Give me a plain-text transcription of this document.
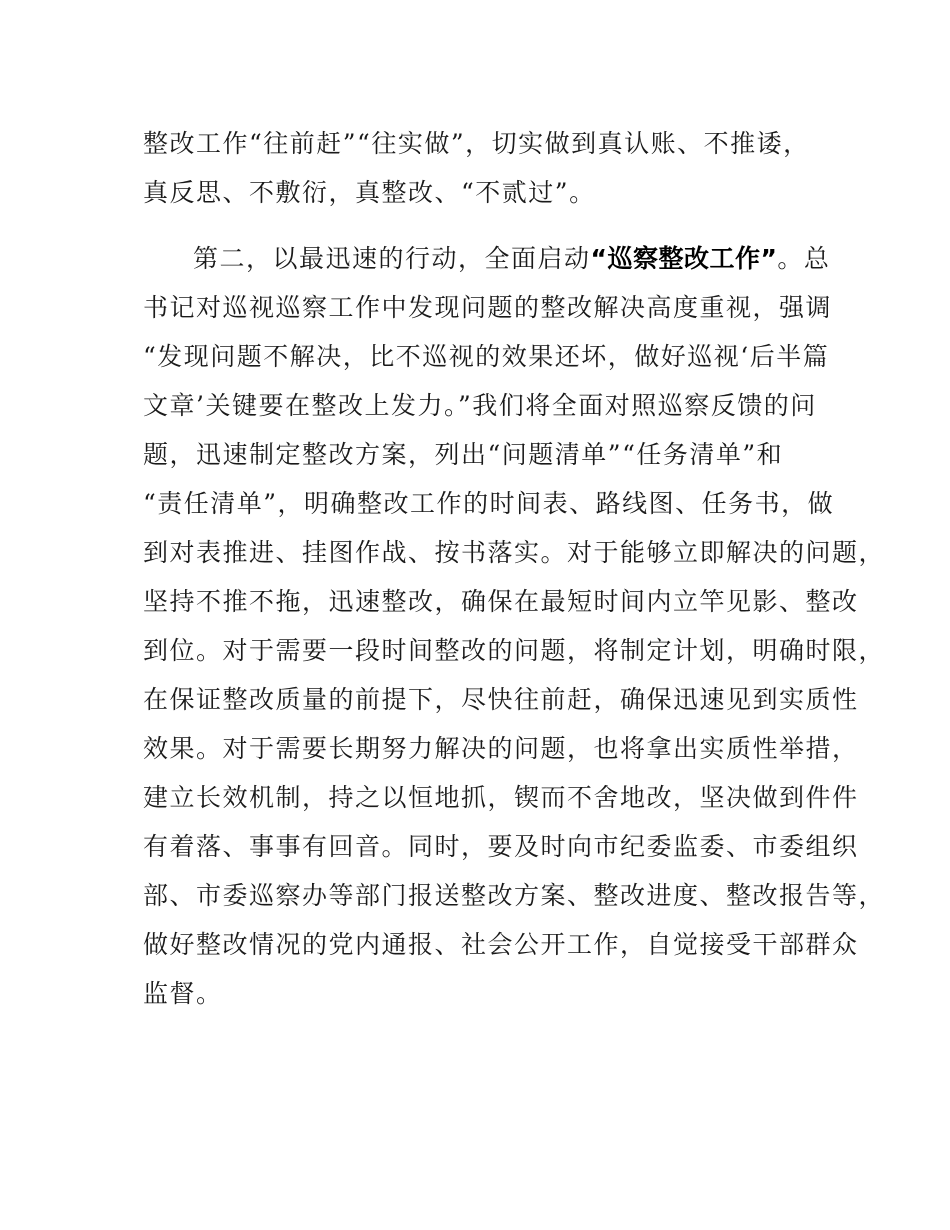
整改工作“往前赶”“往实做”，切实做到真认账、不推诿，
真反思、不敷衍，真整改、“不贰过”。
第二，以最迅速的行动，全面启动“巡察整改工作”。总
书记对巡视巡察工作中发现问题的整改解决高度重视，强调
“发现问题不解决，比不巡视的效果还坏，做好巡视‘后半篇
文章’关键要在整改上发力。”我们将全面对照巡察反馈的问
题，迅速制定整改方案，列出“问题清单”“任务清单”和
“责任清单”，明确整改工作的时间表、路线图、任务书，做
到对表推进、挂图作战、按书落实。对于能够立即解决的问题，
坚持不推不拖，迅速整改，确保在最短时间内立竿见影、整改
到位。对于需要一段时间整改的问题，将制定计划，明确时限，
在保证整改质量的前提下，尽快往前赶，确保迅速见到实质性
效果。对于需要长期努力解决的问题，也将拿出实质性举措，
建立长效机制，持之以恒地抓，锲而不舍地改，坚决做到件件
有着落、事事有回音。同时，要及时向市纪委监委、市委组织
部、市委巡察办等部门报送整改方案、整改进度、整改报告等，
做好整改情况的党内通报、社会公开工作，自觉接受干部群众
监督。
